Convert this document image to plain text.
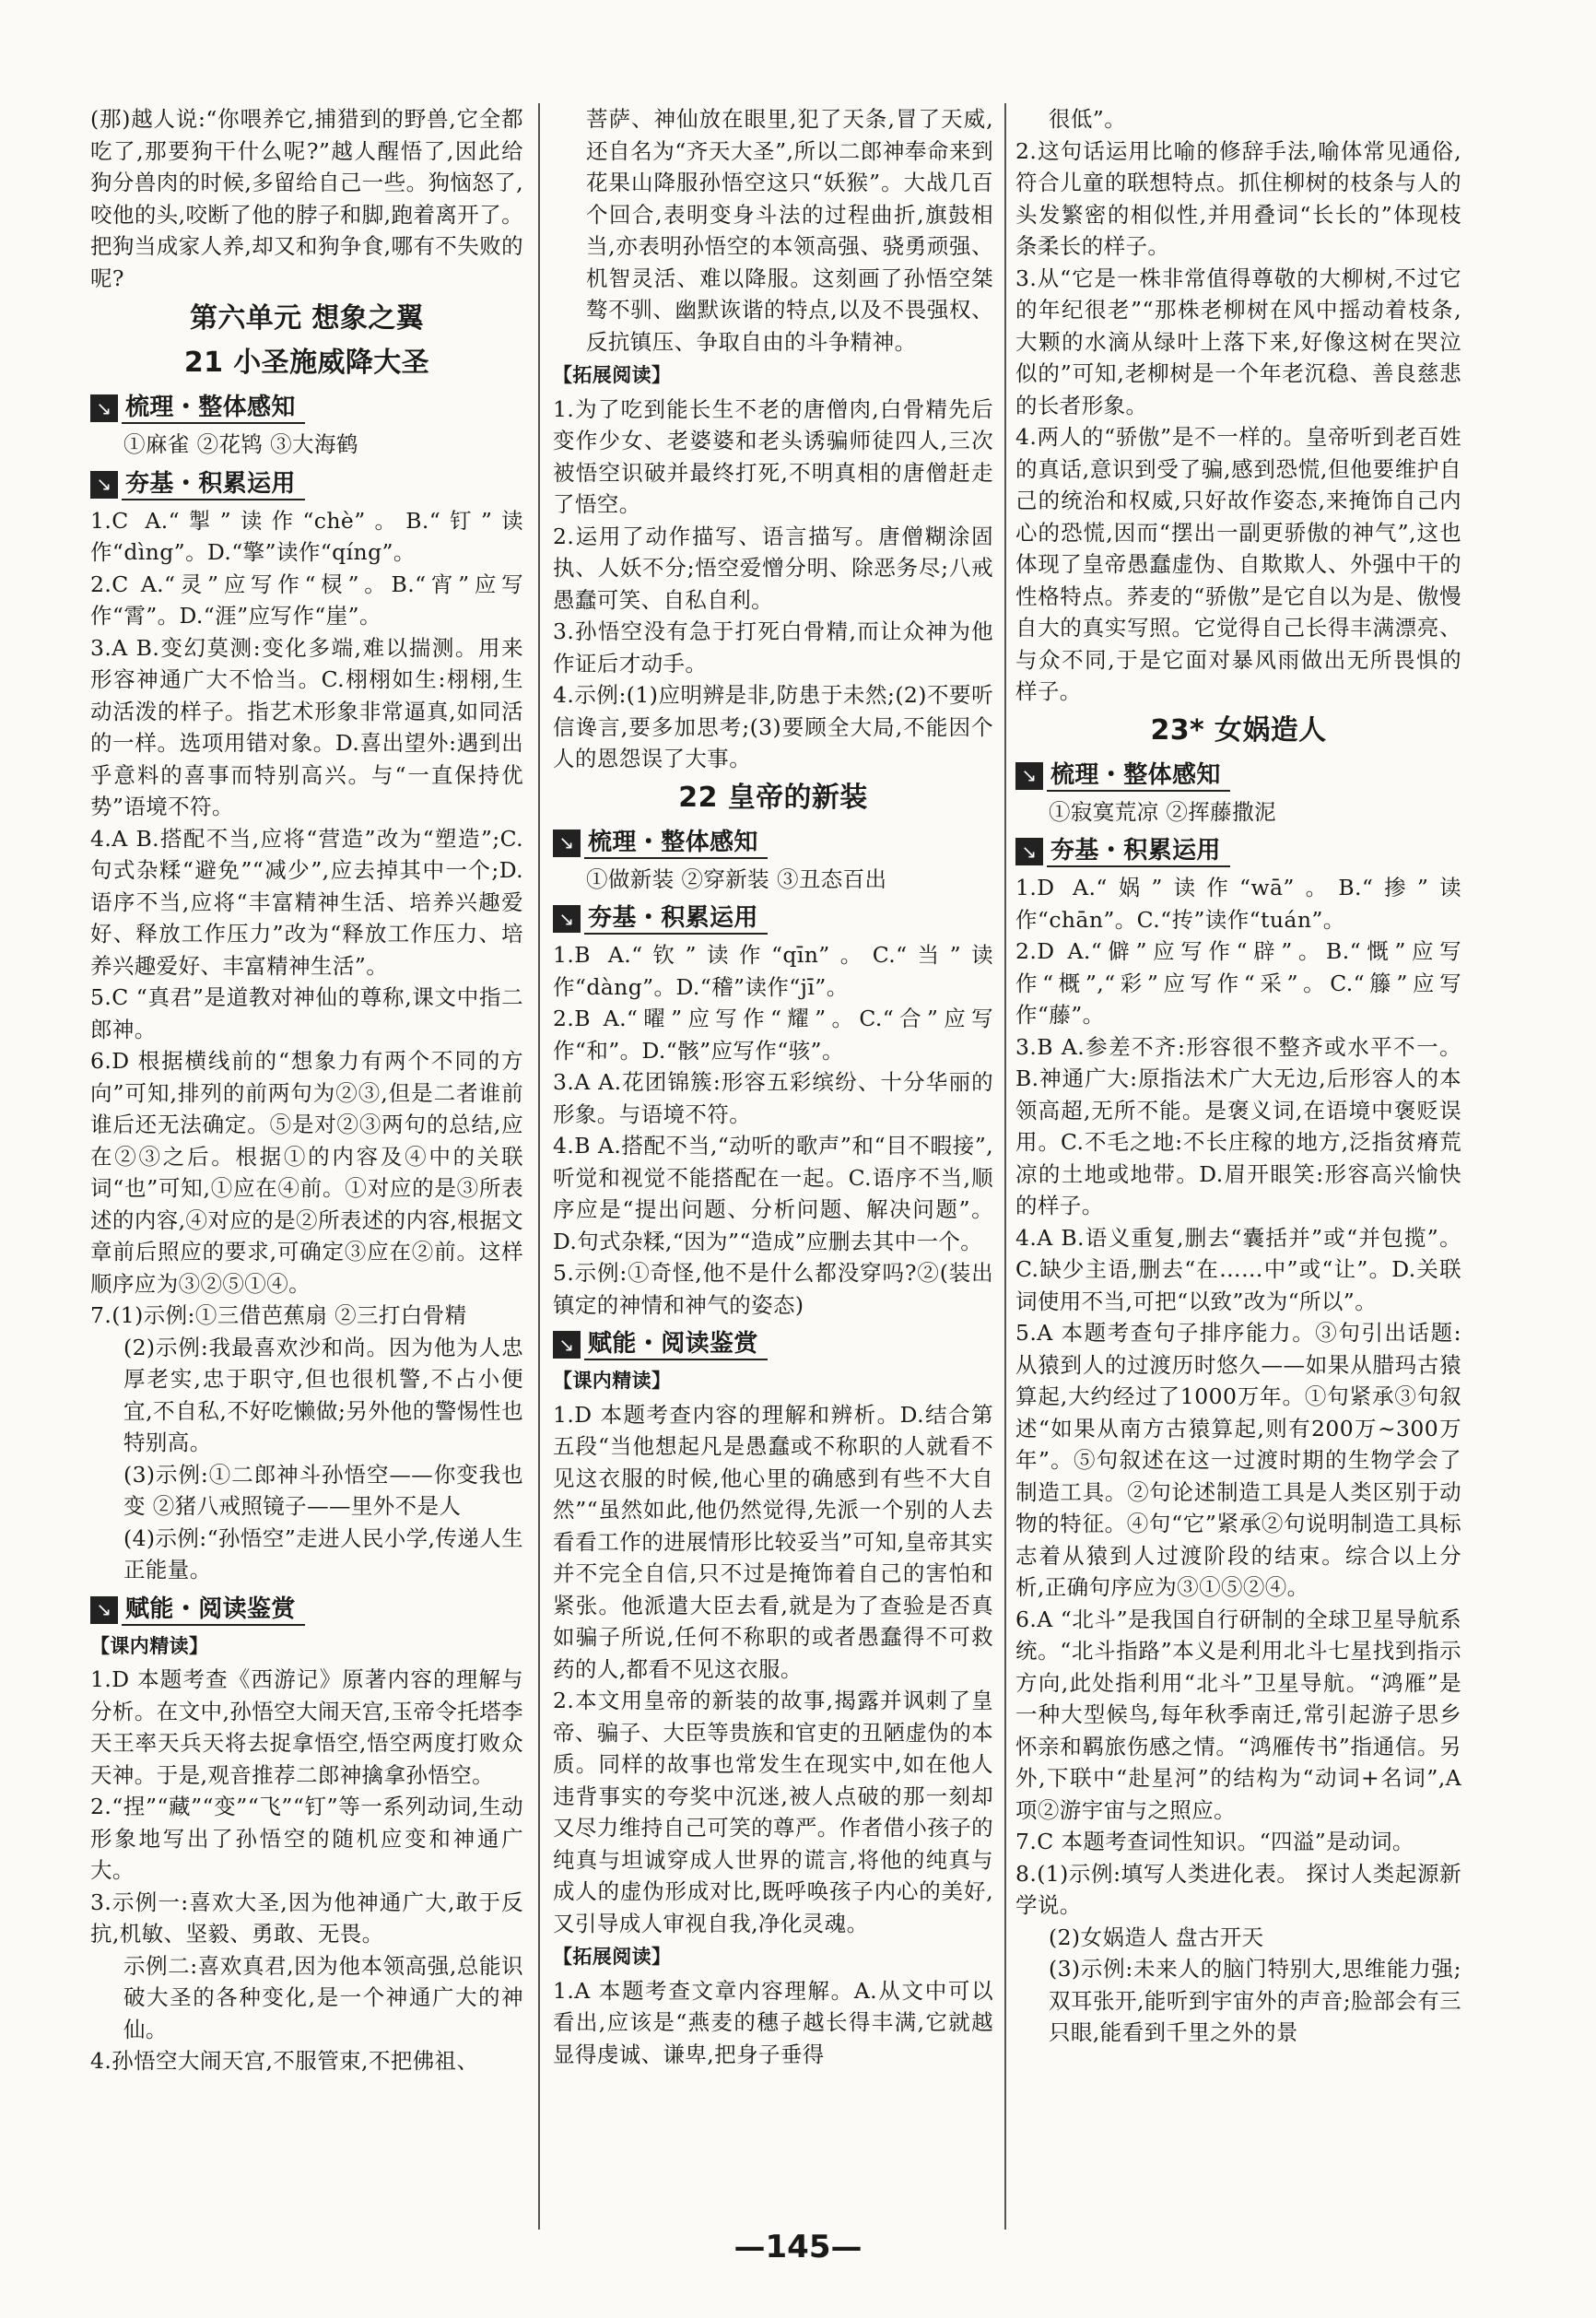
(那)越人说:“你喂养它,捕猎到的野兽,它全都吃了,那要狗干什么呢?”越人醒悟了,因此给狗分兽肉的时候,多留给自己一些。狗恼怒了,咬他的头,咬断了他的脖子和脚,跑着离开了。把狗当成家人养,却又和狗争食,哪有不失败的呢?

第六单元 想象之翼
21 小圣施威降大圣
↘ 梳理・整体感知

①麻雀 ②花鸨 ③大海鹤

↘ 夯基・积累运用

1.C A.“掣”读作“chè”。B.“钉”读作“dìng”。D.“擎”读作“qíng”。

2.C A.“灵”应写作“棂”。B.“宵”应写作“霄”。D.“涯”应写作“崖”。

3.A B.变幻莫测:变化多端,难以揣测。用来形容神通广大不恰当。C.栩栩如生:栩栩,生动活泼的样子。指艺术形象非常逼真,如同活的一样。选项用错对象。D.喜出望外:遇到出乎意料的喜事而特别高兴。与“一直保持优势”语境不符。

4.A B.搭配不当,应将“营造”改为“塑造”;C.句式杂糅“避免”“减少”,应去掉其中一个;D.语序不当,应将“丰富精神生活、培养兴趣爱好、释放工作压力”改为“释放工作压力、培养兴趣爱好、丰富精神生活”。

5.C “真君”是道教对神仙的尊称,课文中指二郎神。

6.D 根据横线前的“想象力有两个不同的方向”可知,排列的前两句为②③,但是二者谁前谁后还无法确定。⑤是对②③两句的总结,应在②③之后。根据①的内容及④中的关联词“也”可知,①应在④前。①对应的是③所表述的内容,④对应的是②所表述的内容,根据文章前后照应的要求,可确定③应在②前。这样顺序应为③②⑤①④。

7.(1)示例:①三借芭蕉扇 ②三打白骨精

(2)示例:我最喜欢沙和尚。因为他为人忠厚老实,忠于职守,但也很机警,不占小便宜,不自私,不好吃懒做;另外他的警惕性也特别高。

(3)示例:①二郎神斗孙悟空——你变我也变 ②猪八戒照镜子——里外不是人

(4)示例:“孙悟空”走进人民小学,传递人生正能量。

↘ 赋能・阅读鉴赏
【课内精读】

1.D 本题考查《西游记》原著内容的理解与分析。在文中,孙悟空大闹天宫,玉帝令托塔李天王率天兵天将去捉拿悟空,悟空两度打败众天神。于是,观音推荐二郎神擒拿孙悟空。

2.“捏”“藏”“变”“飞”“钉”等一系列动词,生动形象地写出了孙悟空的随机应变和神通广大。

3.示例一:喜欢大圣,因为他神通广大,敢于反抗,机敏、坚毅、勇敢、无畏。

示例二:喜欢真君,因为他本领高强,总能识破大圣的各种变化,是一个神通广大的神仙。

4.孙悟空大闹天宫,不服管束,不把佛祖、

菩萨、神仙放在眼里,犯了天条,冒了天威,还自名为“齐天大圣”,所以二郎神奉命来到花果山降服孙悟空这只“妖猴”。大战几百个回合,表明变身斗法的过程曲折,旗鼓相当,亦表明孙悟空的本领高强、骁勇顽强、机智灵活、难以降服。这刻画了孙悟空桀骜不驯、幽默诙谐的特点,以及不畏强权、反抗镇压、争取自由的斗争精神。

【拓展阅读】

1.为了吃到能长生不老的唐僧肉,白骨精先后变作少女、老婆婆和老头诱骗师徒四人,三次被悟空识破并最终打死,不明真相的唐僧赶走了悟空。

2.运用了动作描写、语言描写。唐僧糊涂固执、人妖不分;悟空爱憎分明、除恶务尽;八戒愚蠢可笑、自私自利。

3.孙悟空没有急于打死白骨精,而让众神为他作证后才动手。

4.示例:(1)应明辨是非,防患于未然;(2)不要听信谗言,要多加思考;(3)要顾全大局,不能因个人的恩怨误了大事。

22 皇帝的新装
↘ 梳理・整体感知

①做新装 ②穿新装 ③丑态百出

↘ 夯基・积累运用

1.B A.“钦”读作“qīn”。C.“当”读作“dàng”。D.“稽”读作“jī”。

2.B A.“曜”应写作“耀”。C.“合”应写作“和”。D.“骸”应写作“骇”。

3.A A.花团锦簇:形容五彩缤纷、十分华丽的形象。与语境不符。

4.B A.搭配不当,“动听的歌声”和“目不暇接”,听觉和视觉不能搭配在一起。C.语序不当,顺序应是“提出问题、分析问题、解决问题”。D.句式杂糅,“因为”“造成”应删去其中一个。

5.示例:①奇怪,他不是什么都没穿吗?②(装出镇定的神情和神气的姿态)

↘ 赋能・阅读鉴赏
【课内精读】

1.D 本题考查内容的理解和辨析。D.结合第五段“当他想起凡是愚蠢或不称职的人就看不见这衣服的时候,他心里的确感到有些不大自然”“虽然如此,他仍然觉得,先派一个别的人去看看工作的进展情形比较妥当”可知,皇帝其实并不完全自信,只不过是掩饰着自己的害怕和紧张。他派遣大臣去看,就是为了查验是否真如骗子所说,任何不称职的或者愚蠢得不可救药的人,都看不见这衣服。

2.本文用皇帝的新装的故事,揭露并讽刺了皇帝、骗子、大臣等贵族和官吏的丑陋虚伪的本质。同样的故事也常发生在现实中,如在他人违背事实的夸奖中沉迷,被人点破的那一刻却又尽力维持自己可笑的尊严。作者借小孩子的纯真与坦诚穿成人世界的谎言,将他的纯真与成人的虚伪形成对比,既呼唤孩子内心的美好,又引导成人审视自我,净化灵魂。

【拓展阅读】

1.A 本题考查文章内容理解。A.从文中可以看出,应该是“燕麦的穗子越长得丰满,它就越显得虔诚、谦卑,把身子垂得

很低”。

2.这句话运用比喻的修辞手法,喻体常见通俗,符合儿童的联想特点。抓住柳树的枝条与人的头发繁密的相似性,并用叠词“长长的”体现枝条柔长的样子。

3.从“它是一株非常值得尊敬的大柳树,不过它的年纪很老”“那株老柳树在风中摇动着枝条,大颗的水滴从绿叶上落下来,好像这树在哭泣似的”可知,老柳树是一个年老沉稳、善良慈悲的长者形象。

4.两人的“骄傲”是不一样的。皇帝听到老百姓的真话,意识到受了骗,感到恐慌,但他要维护自己的统治和权威,只好故作姿态,来掩饰自己内心的恐慌,因而“摆出一副更骄傲的神气”,这也体现了皇帝愚蠢虚伪、自欺欺人、外强中干的性格特点。荞麦的“骄傲”是它自以为是、傲慢自大的真实写照。它觉得自己长得丰满漂亮、与众不同,于是它面对暴风雨做出无所畏惧的样子。

23* 女娲造人
↘ 梳理・整体感知

①寂寞荒凉 ②挥藤撒泥

↘ 夯基・积累运用

1.D A.“娲”读作“wā”。B.“掺”读作“chān”。C.“抟”读作“tuán”。

2.D A.“僻”应写作“辟”。B.“慨”应写作“概”,“彩”应写作“采”。C.“籐”应写作“藤”。

3.B A.参差不齐:形容很不整齐或水平不一。B.神通广大:原指法术广大无边,后形容人的本领高超,无所不能。是褒义词,在语境中褒贬误用。C.不毛之地:不长庄稼的地方,泛指贫瘠荒凉的土地或地带。D.眉开眼笑:形容高兴愉快的样子。

4.A B.语义重复,删去“囊括并”或“并包揽”。C.缺少主语,删去“在……中”或“让”。D.关联词使用不当,可把“以致”改为“所以”。

5.A 本题考查句子排序能力。③句引出话题:从猿到人的过渡历时悠久——如果从腊玛古猿算起,大约经过了1000万年。①句紧承③句叙述“如果从南方古猿算起,则有200万~300万年”。⑤句叙述在这一过渡时期的生物学会了制造工具。②句论述制造工具是人类区别于动物的特征。④句“它”紧承②句说明制造工具标志着从猿到人过渡阶段的结束。综合以上分析,正确句序应为③①⑤②④。

6.A “北斗”是我国自行研制的全球卫星导航系统。“北斗指路”本义是利用北斗七星找到指示方向,此处指利用“北斗”卫星导航。“鸿雁”是一种大型候鸟,每年秋季南迁,常引起游子思乡怀亲和羁旅伤感之情。“鸿雁传书”指通信。另外,下联中“赴星河”的结构为“动词+名词”,A项②游宇宙与之照应。

7.C 本题考查词性知识。“四溢”是动词。

8.(1)示例:填写人类进化表。 探讨人类起源新学说。

(2)女娲造人 盘古开天

(3)示例:未来人的脑门特别大,思维能力强;双耳张开,能听到宇宙外的声音;脸部会有三只眼,能看到千里之外的景

—145—
